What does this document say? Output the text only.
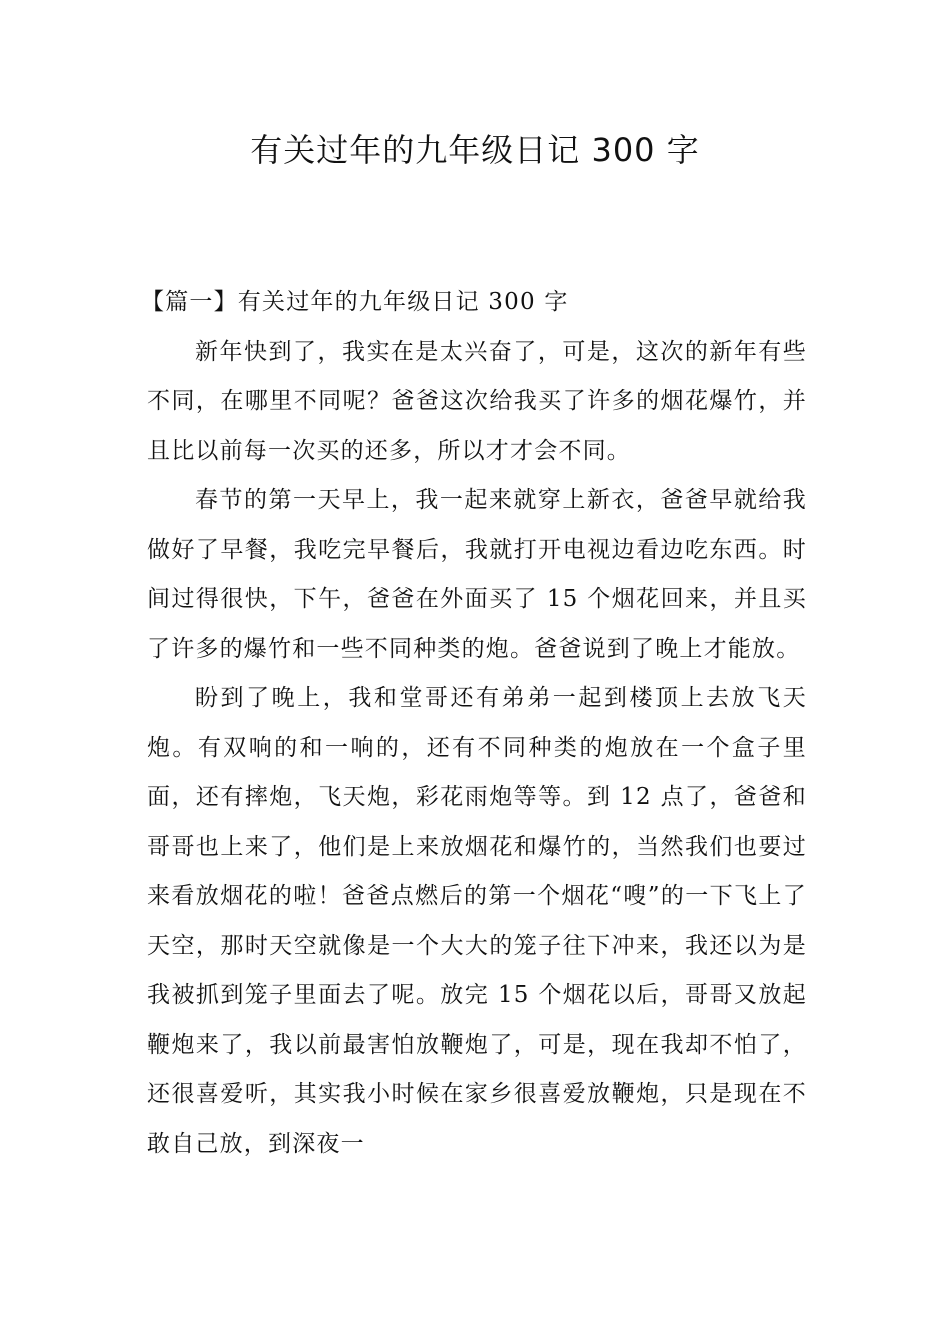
有关过年的九年级日记 300 字

【篇一】有关过年的九年级日记 300 字

新年快到了，我实在是太兴奋了，可是，这次的新年有些不同，在哪里不同呢？爸爸这次给我买了许多的烟花爆竹，并且比以前每一次买的还多，所以才才会不同。

春节的第一天早上，我一起来就穿上新衣，爸爸早就给我做好了早餐，我吃完早餐后，我就打开电视边看边吃东西。时间过得很快，下午，爸爸在外面买了 15 个烟花回来，并且买了许多的爆竹和一些不同种类的炮。爸爸说到了晚上才能放。

盼到了晚上，我和堂哥还有弟弟一起到楼顶上去放飞天炮。有双响的和一响的，还有不同种类的炮放在一个盒子里面，还有摔炮，飞天炮，彩花雨炮等等。到 12 点了，爸爸和哥哥也上来了，他们是上来放烟花和爆竹的，当然我们也要过来看放烟花的啦！爸爸点燃后的第一个烟花“嗖”的一下飞上了天空，那时天空就像是一个大大的笼子往下冲来，我还以为是我被抓到笼子里面去了呢。放完 15 个烟花以后，哥哥又放起鞭炮来了，我以前最害怕放鞭炮了，可是，现在我却不怕了，还很喜爱听，其实我小时候在家乡很喜爱放鞭炮，只是现在不敢自己放，到深夜一
